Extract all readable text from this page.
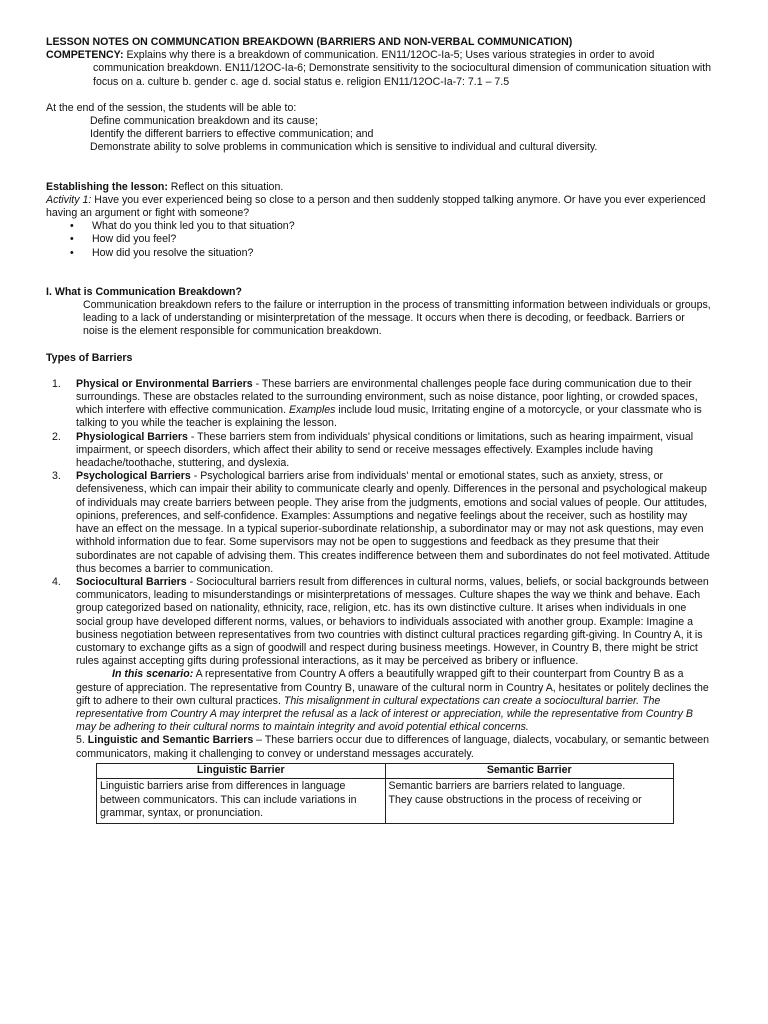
LESSON NOTES ON COMMUNCATION BREAKDOWN (BARRIERS AND NON-VERBAL COMMUNICATION)
COMPETENCY: Explains why there is a breakdown of communication. EN11/12OC-Ia-5; Uses various strategies in order to avoid communication breakdown. EN11/12OC-Ia-6; Demonstrate sensitivity to the sociocultural dimension of communication situation with focus on a. culture b. gender c. age d. social status e. religion EN11/12OC-Ia-7: 7.1 – 7.5
At the end of the session, the students will be able to:
Define communication breakdown and its cause;
Identify the different barriers to effective communication; and
Demonstrate ability to solve problems in communication which is sensitive to individual and cultural diversity.
Establishing the lesson: Reflect on this situation.
Activity 1: Have you ever experienced being so close to a person and then suddenly stopped talking anymore. Or have you ever experienced having an argument or fight with someone?
• What do you think led you to that situation?
• How did you feel?
• How did you resolve the situation?
I. What is Communication Breakdown?
Communication breakdown refers to the failure or interruption in the process of transmitting information between individuals or groups, leading to a lack of understanding or misinterpretation of the message. It occurs when there is decoding, or feedback. Barriers or noise is the element responsible for communication breakdown.
Types of Barriers
1. Physical or Environmental Barriers - These barriers are environmental challenges people face during communication due to their surroundings. These are obstacles related to the surrounding environment, such as noise distance, poor lighting, or crowded spaces, which interfere with effective communication. Examples include loud music, Irritating engine of a motorcycle, or your classmate who is talking to you while the teacher is explaining the lesson.
2. Physiological Barriers - These barriers stem from individuals' physical conditions or limitations, such as hearing impairment, visual impairment, or speech disorders, which affect their ability to send or receive messages effectively. Examples include having headache/toothache, stuttering, and dyslexia.
3. Psychological Barriers - Psychological barriers arise from individuals' mental or emotional states, such as anxiety, stress, or defensiveness, which can impair their ability to communicate clearly and openly. Differences in the personal and psychological makeup of individuals may create barriers between people. They arise from the judgments, emotions and social values of people. Our attitudes, opinions, preferences, and self-confidence. Examples: Assumptions and negative feelings about the receiver, such as hostility may have an effect on the message. In a typical superior-subordinate relationship, a subordinator may or may not ask questions, may even withhold information due to fear. Some supervisors may not be open to suggestions and feedback as they presume that their subordinates are not capable of advising them. This creates indifference between them and subordinates do not feel motivated. Attitude thus becomes a barrier to communication.
4. Sociocultural Barriers - Sociocultural barriers result from differences in cultural norms, values, beliefs, or social backgrounds between communicators, leading to misunderstandings or misinterpretations of messages. Culture shapes the way we think and behave. Each group categorized based on nationality, ethnicity, race, religion, etc. has its own distinctive culture. It arises when individuals in one social group have developed different norms, values, or behaviors to individuals associated with another group. Example: Imagine a business negotiation between representatives from two countries with distinct cultural practices regarding gift-giving. In Country A, it is customary to exchange gifts as a sign of goodwill and respect during business meetings. However, in Country B, there might be strict rules against accepting gifts during professional interactions, as it may be perceived as bribery or influence.
In this scenario: A representative from Country A offers a beautifully wrapped gift to their counterpart from Country B as a gesture of appreciation. The representative from Country B, unaware of the cultural norm in Country A, hesitates or politely declines the gift to adhere to their own cultural practices. This misalignment in cultural expectations can create a sociocultural barrier. The representative from Country A may interpret the refusal as a lack of interest or appreciation, while the representative from Country B may be adhering to their cultural norms to maintain integrity and avoid potential ethical concerns.
5. Linguistic and Semantic Barriers – These barriers occur due to differences of language, dialects, vocabulary, or semantic between communicators, making it challenging to convey or understand messages accurately.
Linguistic Barrier	Semantic Barrier
Linguistic barriers arise from differences in language between communicators. This can include variations in grammar, syntax, or pronunciation.	Semantic barriers are barriers related to language.
They cause obstructions in the process of receiving or
